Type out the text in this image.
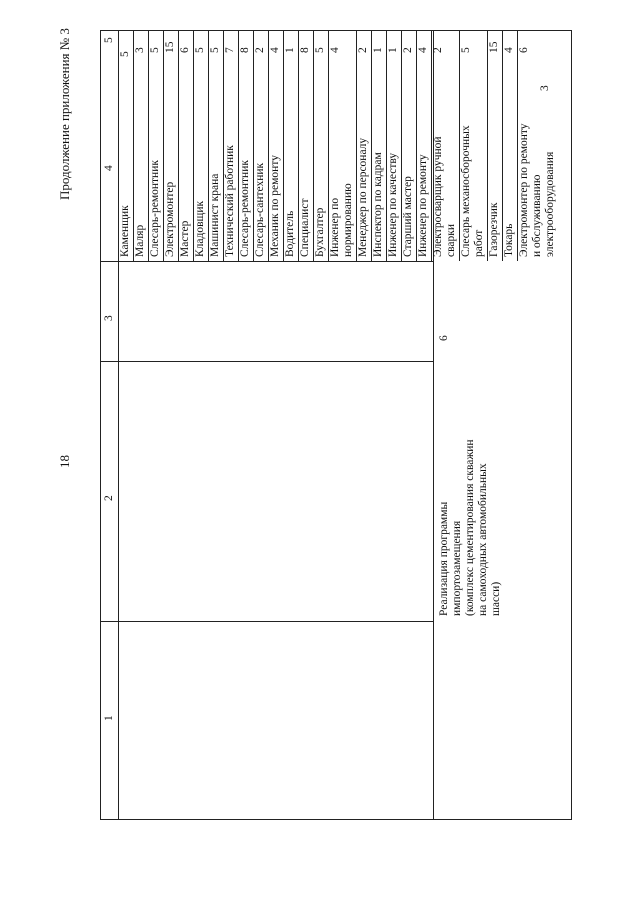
Продолжение приложения № 3
18
1
2
3
4
5
Реализация программы импортозамещения (комплекс цементирования скважин на самоходных автомобильных шасси)
6
Каменщик
5
Маляр
3
Слесарь-ремонтник
5
Электромонтер
15
Мастер
6
Кладовщик
5
Машинист крана
5
Технический работник
7
Слесарь-ремонтник
8
Слесарь-сантехник
2
Механик по ремонту
4
Водитель
1
Специалист
8
Бухгалтер
5
Инженер по нормированию
4
Менеджер по персоналу
2
Инспектор по кадрам
1
Инженер по качеству
1
Старший мастер
2
Инженер по ремонту
4
Электросварщик ручной сварки
2
Слесарь механосборочных работ
5
Газорезчик
15
Токарь
4
Электромонтер по ремонту и обслуживанию электрооборудования
6
3
